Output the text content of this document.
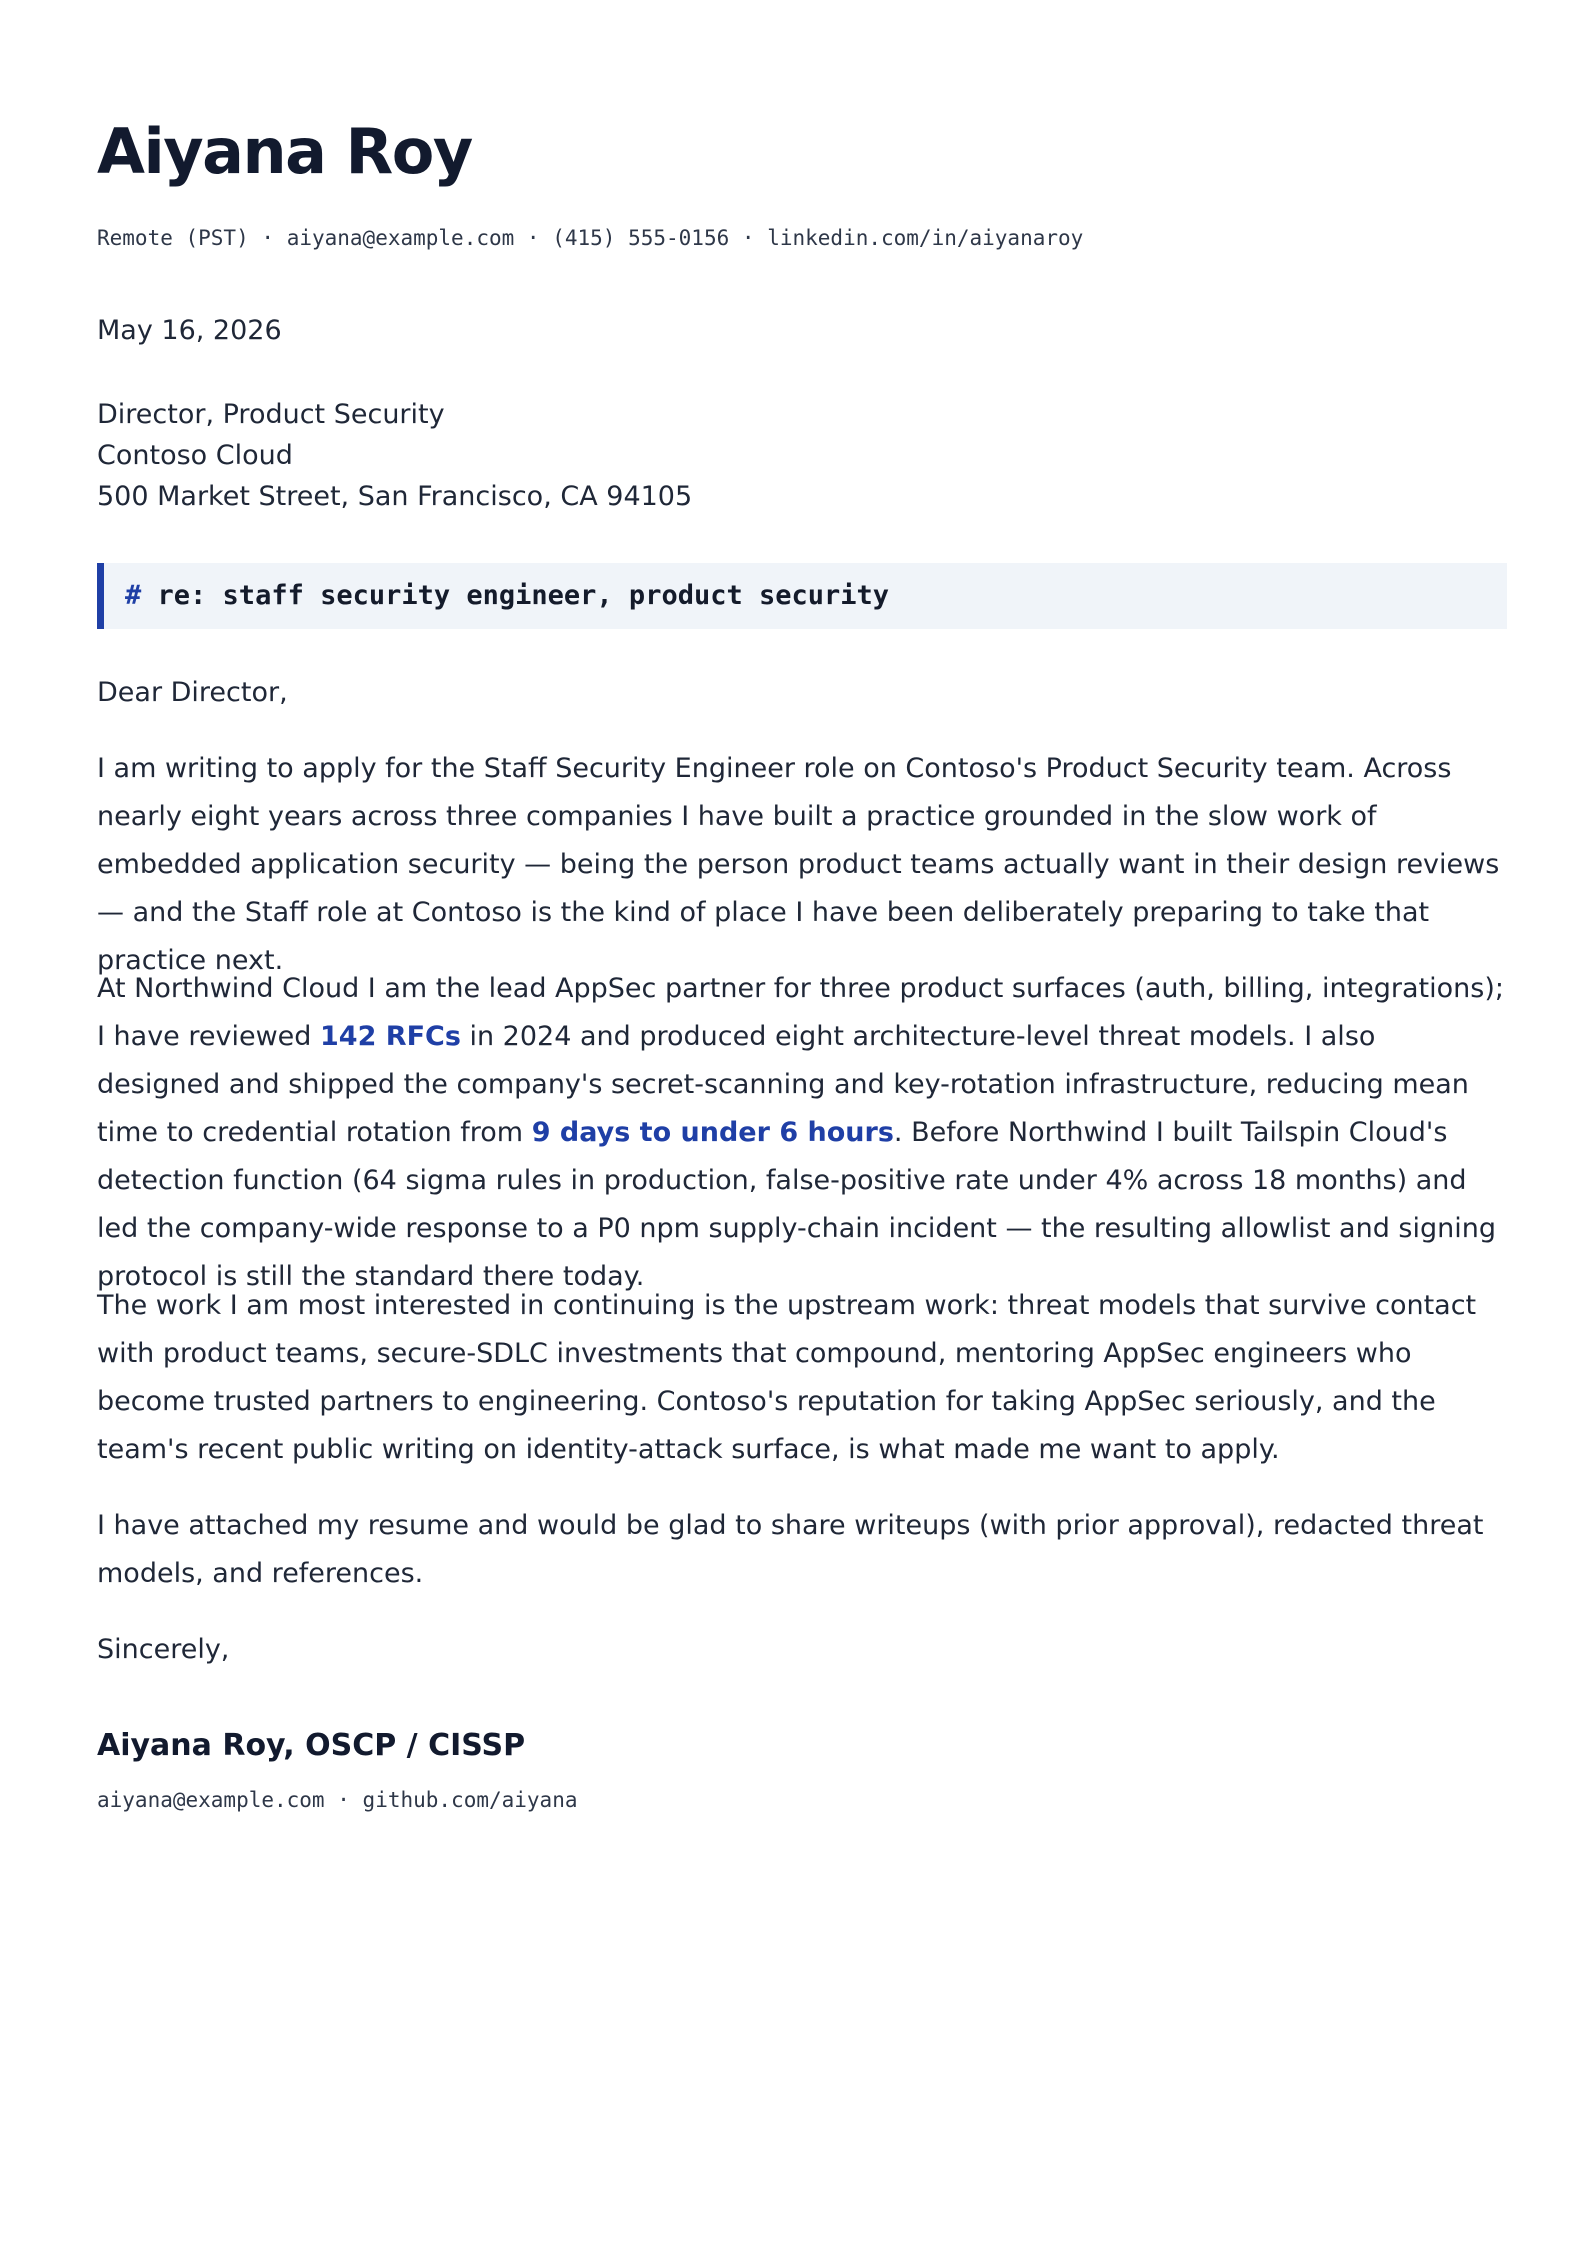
Aiyana Roy
Remote (PST) · aiyana@example.com · (415) 555-0156 · linkedin.com/in/aiyanaroy
May 16, 2026
Director, Product Security
Contoso Cloud
500 Market Street, San Francisco, CA 94105
# re: staff security engineer, product security

Dear Director,

I am writing to apply for the Staff Security Engineer role on Contoso's Product Security team. Across nearly eight years across three companies I have built a practice grounded in the slow work of embedded application security — being the person product teams actually want in their design reviews — and the Staff role at Contoso is the kind of place I have been deliberately preparing to take that practice next.

At Northwind Cloud I am the lead AppSec partner for three product surfaces (auth, billing, integrations); I have reviewed 142 RFCs in 2024 and produced eight architecture-level threat models. I also designed and shipped the company's secret-scanning and key-rotation infrastructure, reducing mean time to credential rotation from 9 days to under 6 hours. Before Northwind I built Tailspin Cloud's detection function (64 sigma rules in production, false-positive rate under 4% across 18 months) and led the company-wide response to a P0 npm supply-chain incident — the resulting allowlist and signing protocol is still the standard there today.

The work I am most interested in continuing is the upstream work: threat models that survive contact with product teams, secure-SDLC investments that compound, mentoring AppSec engineers who become trusted partners to engineering. Contoso's reputation for taking AppSec seriously, and the team's recent public writing on identity-attack surface, is what made me want to apply.

I have attached my resume and would be glad to share writeups (with prior approval), redacted threat models, and references.

Sincerely,

Aiyana Roy, OSCP / CISSP
aiyana@example.com · github.com/aiyana
